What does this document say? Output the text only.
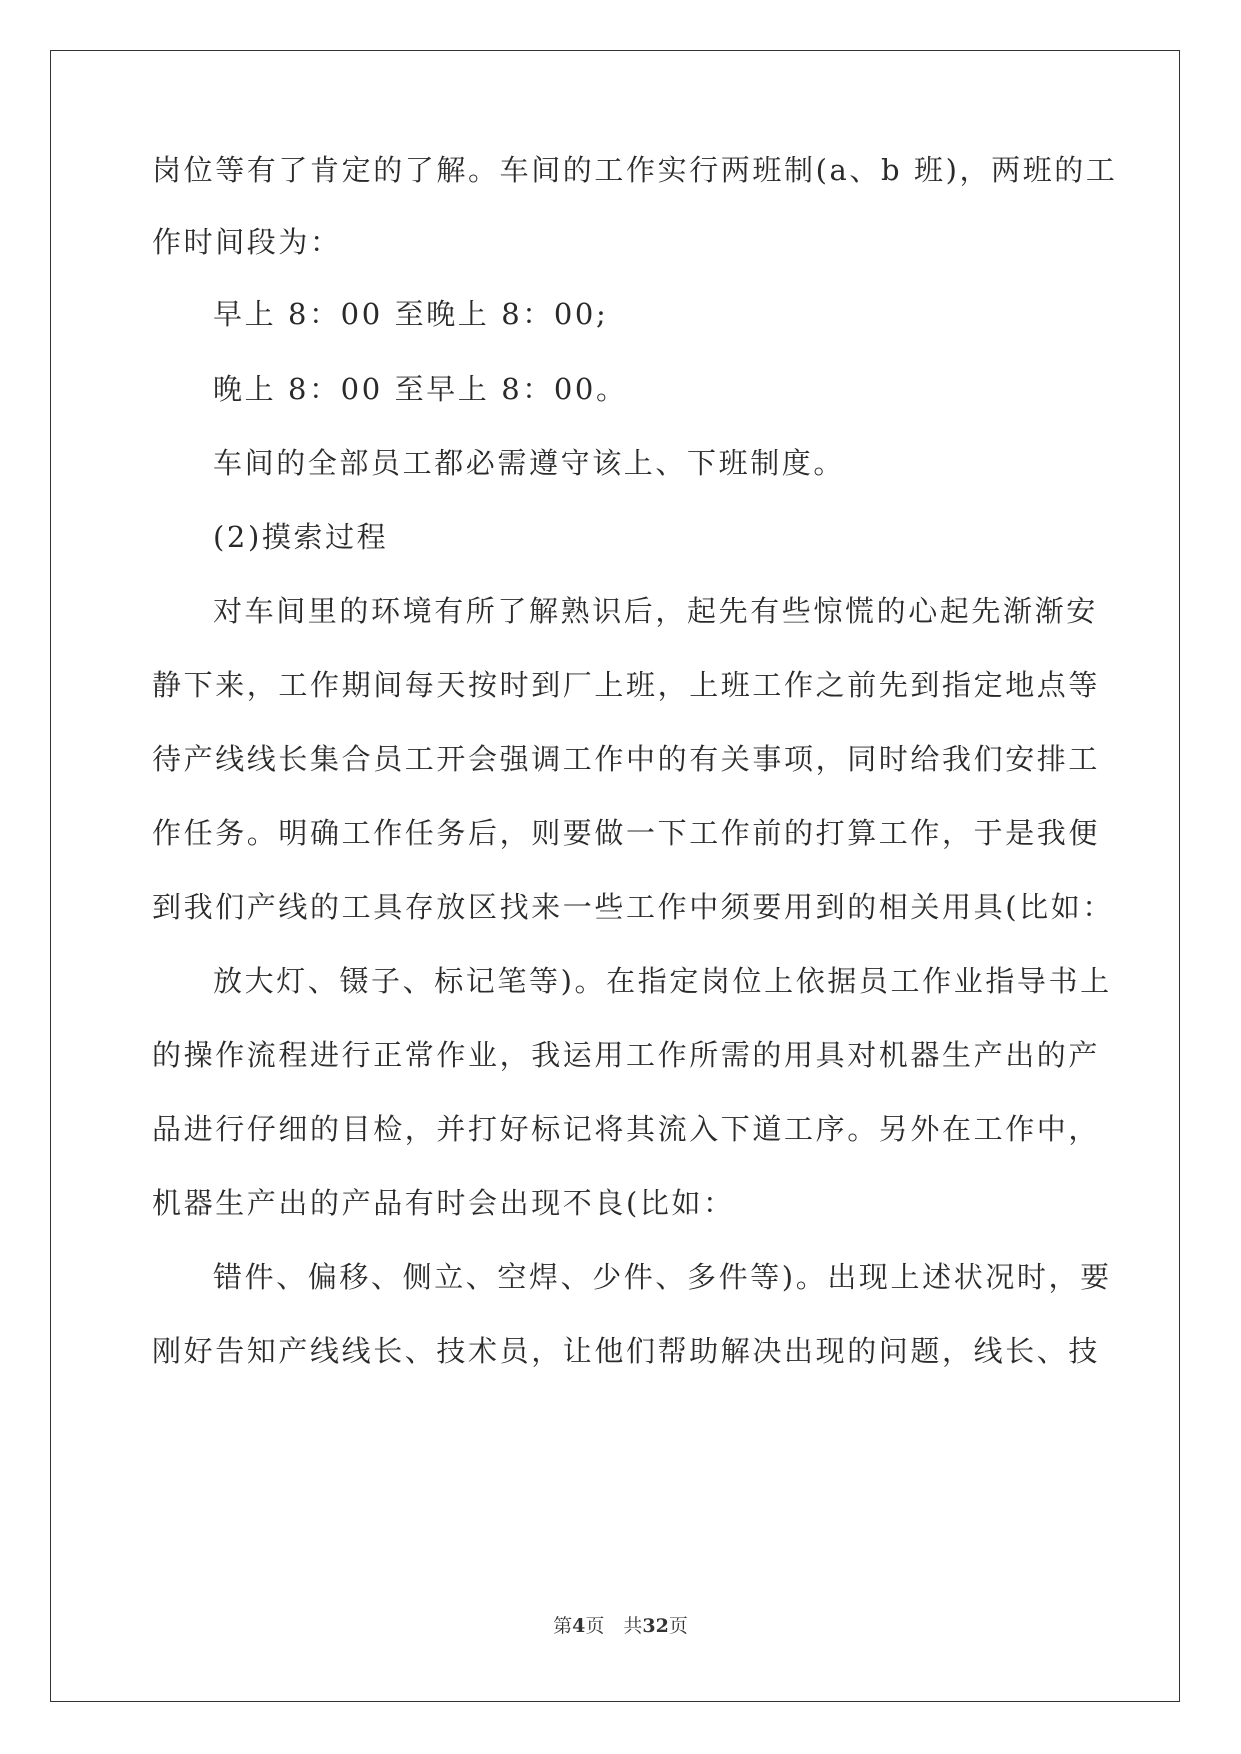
岗位等有了肯定的了解。车间的工作实行两班制(a、b 班)，两班的工
作时间段为：
早上 8：00 至晚上 8：00;
晚上 8：00 至早上 8：00。
车间的全部员工都必需遵守该上、下班制度。
(2)摸索过程
对车间里的环境有所了解熟识后，起先有些惊慌的心起先渐渐安
静下来，工作期间每天按时到厂上班，上班工作之前先到指定地点等
待产线线长集合员工开会强调工作中的有关事项，同时给我们安排工
作任务。明确工作任务后，则要做一下工作前的打算工作，于是我便
到我们产线的工具存放区找来一些工作中须要用到的相关用具(比如：
放大灯、镊子、标记笔等)。在指定岗位上依据员工作业指导书上
的操作流程进行正常作业，我运用工作所需的用具对机器生产出的产
品进行仔细的目检，并打好标记将其流入下道工序。另外在工作中，
机器生产出的产品有时会出现不良(比如：
错件、偏移、侧立、空焊、少件、多件等)。出现上述状况时，要
刚好告知产线线长、技术员，让他们帮助解决出现的问题，线长、技
第4页　共32页
